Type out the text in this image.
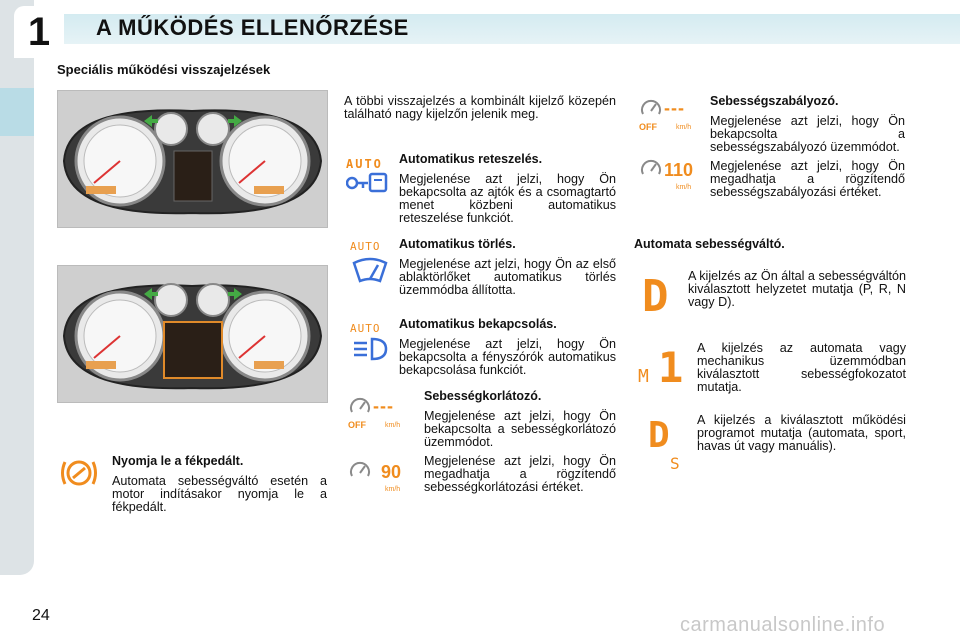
1	A MŰKÖDÉS ELLENŐRZÉSE
Speciális működési visszajelzések
Nyomja le a fékpedált.

Automata sebességváltó esetén a motor indításakor nyomja le a fékpedált.

A többi visszajelzés a kombinált kijelző közepén található nagy kijelzőn jelenik meg.

AUTO	Automatikus reteszelés.

Megjelenése azt jelzi, hogy Ön bekapcsolta az ajtók és a csomagtartó menet közbeni automatikus reteszelése funkciót.

AUTO	Automatikus törlés.

Megjelenése azt jelzi, hogy Ön az első ablaktörlőket automatikus törlés üzemmódba állította.

AUTO	Automatikus bekapcsolás.

Megjelenése azt jelzi, hogy Ön bekapcsolta a fényszórók automatikus bekapcsolása funkciót.

---
OFF	km/h
90
km/h
Sebességkorlátozó.

Megjelenése azt jelzi, hogy Ön bekapcsolta a sebességkorlátozó üzemmódot.

Megjelenése azt jelzi, hogy Ön megadhatja a rögzítendő sebességkorlátozási értéket.

---
OFF	km/h
110
km/h
Sebességszabályozó.

Megjelenése azt jelzi, hogy Ön bekapcsolta a sebességszabályozó üzemmódot.

Megjelenése azt jelzi, hogy Ön megadhatja a rögzítendő sebességszabályozási értéket.

Automata sebességváltó.
D A kijelzés az Ön által a sebességváltón kiválasztott helyzetet mutatja (P, R, N vagy D).

M 1 A kijelzés az automata vagy mechanikus üzemmódban kiválasztott sebességfokozatot mutatja.

D
S

A kijelzés a kiválasztott működési programot mutatja (automata, sport, havas út vagy manuális).

24	carmanualsonline.info
